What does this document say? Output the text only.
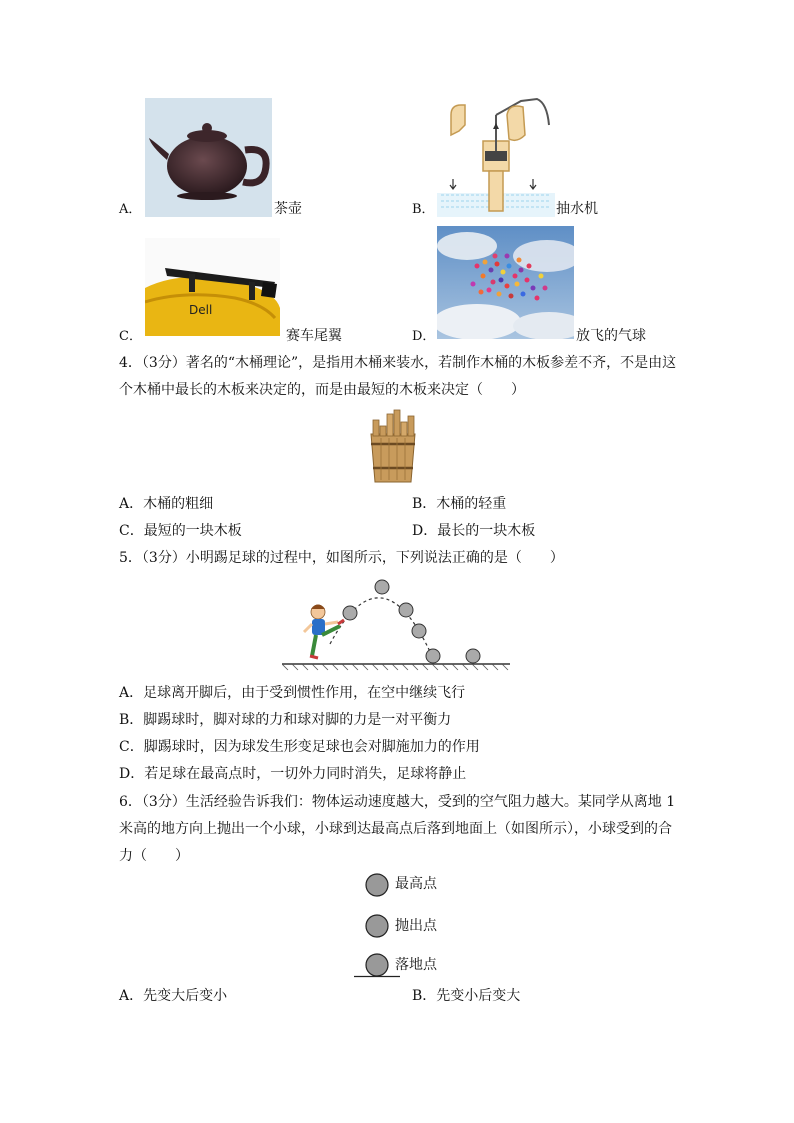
A．	茶壶	B．	抽水机
Dell
C．	赛车尾翼	D．	放飞的气球
4．（3分）著名的“木桶理论”，是指用木桶来装水，若制作木桶的木板参差不齐，不是由这
个木桶中最长的木板来决定的，而是由最短的木板来决定（　　）
A．木桶的粗细	B．木桶的轻重
C．最短的一块木板	D．最长的一块木板
5．（3分）小明踢足球的过程中，如图所示，下列说法正确的是（　　）
A．足球离开脚后，由于受到惯性作用，在空中继续飞行
B．脚踢球时，脚对球的力和球对脚的力是一对平衡力
C．脚踢球时，因为球发生形变足球也会对脚施加力的作用
D．若足球在最高点时，一切外力同时消失，足球将静止
6．（3分）生活经验告诉我们：物体运动速度越大，受到的空气阻力越大。某同学从离地 1
米高的地方向上抛出一个小球，小球到达最高点后落到地面上（如图所示），小球受到的合
力（　　）
最高点
抛出点
落地点
A．先变大后变小	B．先变小后变大
